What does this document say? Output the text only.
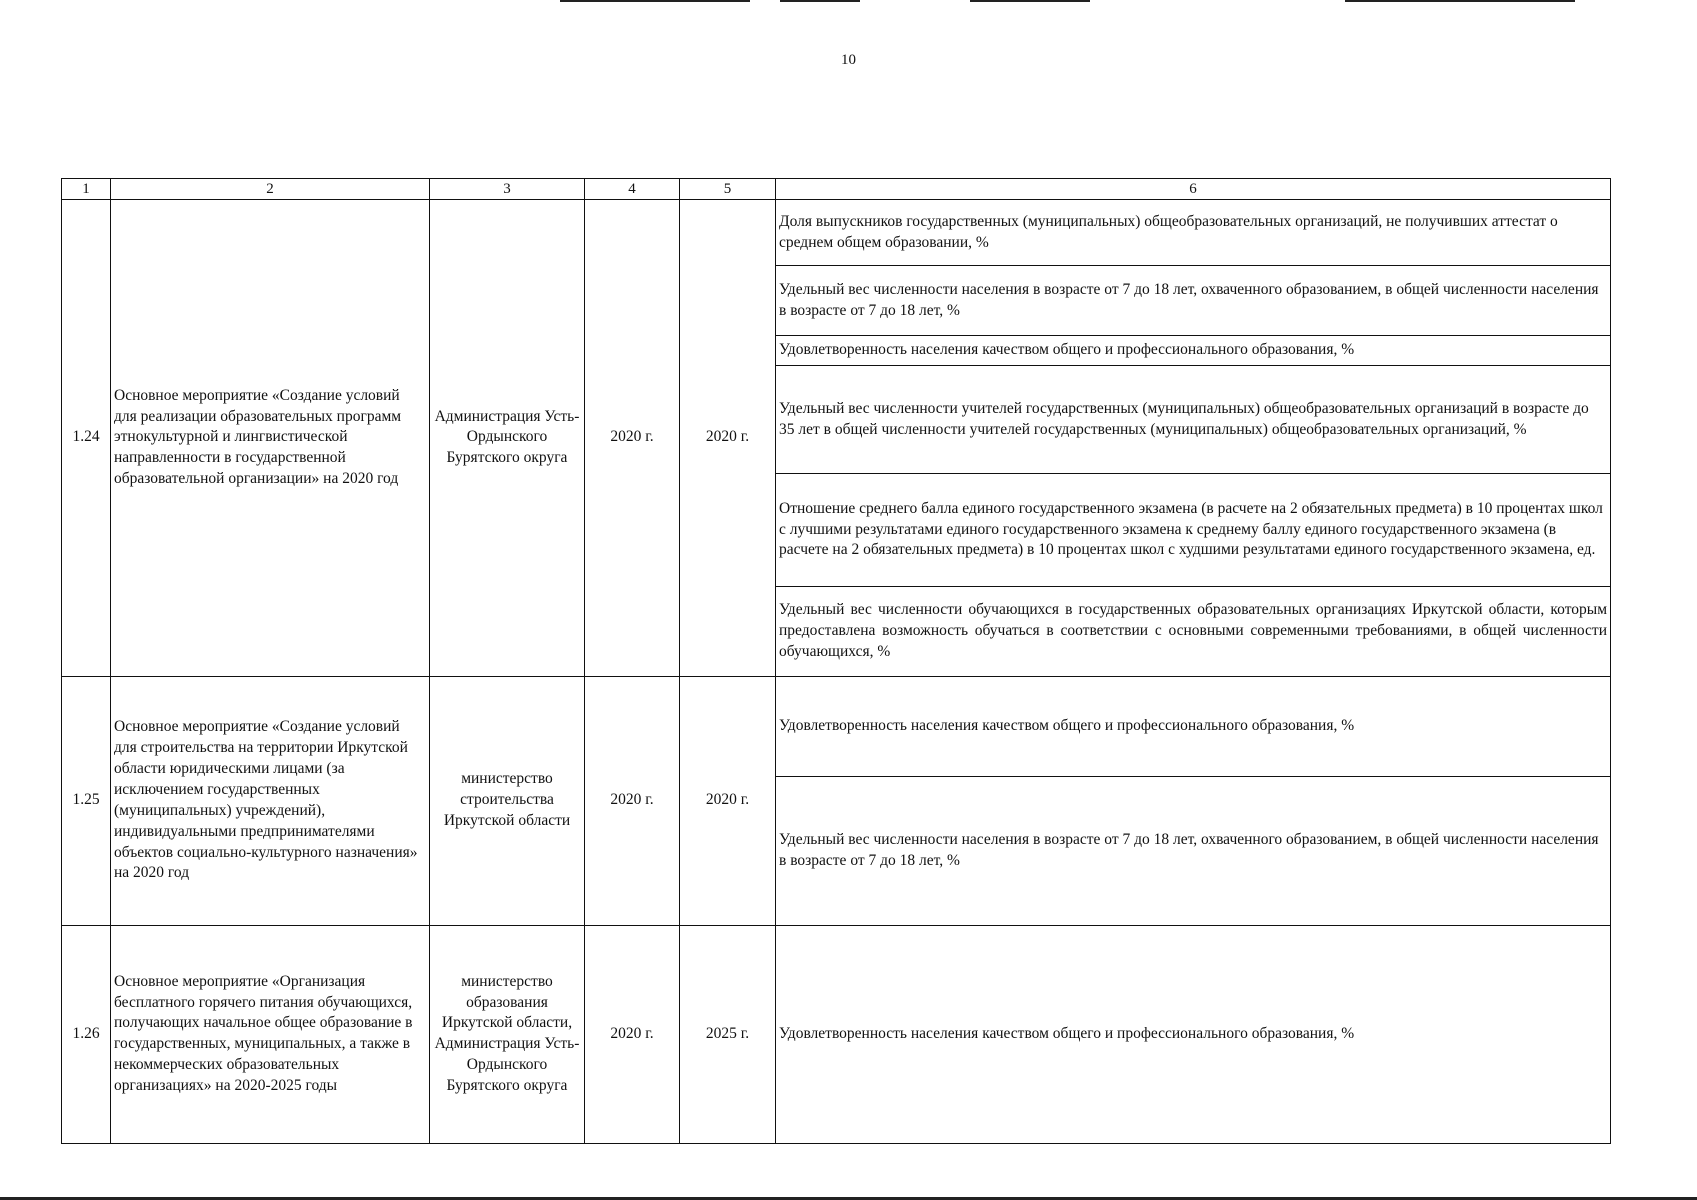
10
1	2	3	4	5	6
1.24	Основное мероприятие «Создание условий для реализации образовательных программ этнокультурной и лингвистической направленности в государственной образовательной организации» на 2020 год	Администрация Усть-Ордынского Бурятского округа	2020 г.	2020 г.	Доля выпускников государственных (муниципальных) общеобразовательных организаций, не получивших аттестат о среднем общем образовании, %
					Удельный вес численности населения в возрасте от 7 до 18 лет, охваченного образованием, в общей численности населения в возрасте от 7 до 18 лет, %
					Удовлетворенность населения качеством общего и профессионального образования, %
					Удельный вес численности учителей государственных (муниципальных) общеобразовательных организаций в возрасте до 35 лет в общей численности учителей государственных (муниципальных) общеобразовательных организаций, %
					Отношение среднего балла единого государственного экзамена (в расчете на 2 обязательных предмета) в 10 процентах школ с лучшими результатами единого государственного экзамена к среднему баллу единого государственного экзамена (в расчете на 2 обязательных предмета) в 10 процентах школ с худшими результатами единого государственного экзамена, ед.
					Удельный вес численности обучающихся в государственных образовательных организациях Иркутской области, которым предоставлена возможность обучаться в соответствии с основными современными требованиями, в общей численности обучающихся, %
1.25	Основное мероприятие «Создание условий для строительства на территории Иркутской области юридическими лицами (за исключением государственных (муниципальных) учреждений), индивидуальными предпринимателями объектов социально-культурного назначения» на 2020 год	министерство строительства Иркутской области	2020 г.	2020 г.	Удовлетворенность населения качеством общего и профессионального образования, %
					Удельный вес численности населения в возрасте от 7 до 18 лет, охваченного образованием, в общей численности населения в возрасте от 7 до 18 лет, %
1.26	Основное мероприятие «Организация бесплатного горячего питания обучающихся, получающих начальное общее образование в государственных, муниципальных, а также в некоммерческих образовательных организациях» на 2020-2025 годы	министерство образования Иркутской области, Администрация Усть-Ордынского Бурятского округа	2020 г.	2025 г.	Удовлетворенность населения качеством общего и профессионального образования, %
